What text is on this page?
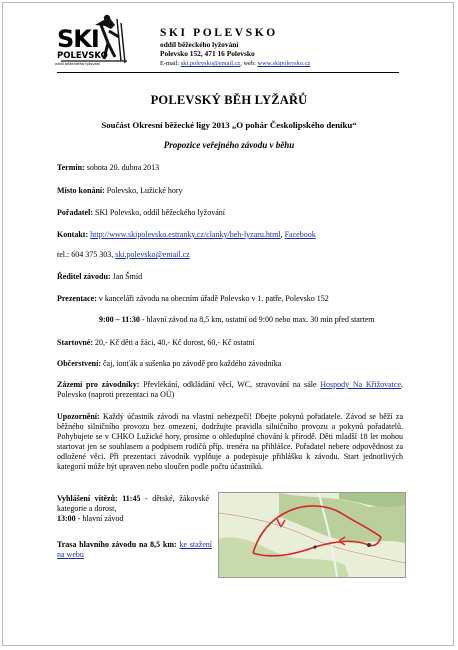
SKI
POLEVSKO
oddíl běžeckého lyžování
SKI POLEVSKO
oddíl běžeckého lyžování
Polevsko 152, 471 16 Polevsko
E-mail: ski.polevsko@email.cz, web: www.skipolevsko.cz
POLEVSKÝ BĚH LYŽAŘŮ
Součást Okresní běžecké ligy 2013 „O pohár Českolipského deníku“
Propozice veřejného závodu v běhu
Termín: sobota 20. dubna 2013
Místo konání: Polevsko, Lužické hory
Pořadatel: SKI Polevsko, oddíl běžeckého lyžování
Kontakt: http://www.skipolevsko.estranky.cz/clanky/beh-lyzaru.html, Facebook
tel.: 604 375 303, ski.polevsko@email.cz
Ředitel závodu: Jan Šmíd
Prezentace: v kanceláři závodu na obecním úřadě Polevsko v 1. patře, Polevsko 152
9:00 – 11:30 - hlavní závod na 8,5 km, ostatní od 9:00 nebo max. 30 min před startem
Startovné: 20,- Kč děti a žáci, 40,- Kč dorost, 60,- Kč ostatní
Občerstvení: čaj, ionťák a sušenka po závodě pro každého závodníka
Zázemí pro závodníky: Převlékání, odkládání věcí, WC, stravování na sále Hospody Na Křižovatce, Polevsko (naproti prezentaci na OÚ)
Upozornění: Každý účastník závodí na vlastní nebezpečí! Dbejte pokynů pořadatele. Závod se běží za běžného silničního provozu bez omezení, dodržujte pravidla silničního provozu a pokynů pořadatelů. Pohybujete se v CHKO Lužické hory, prosíme o ohleduplné chování k přírodě. Děti mladší 18 let mohou startovat jen se souhlasem a podpisem rodičů příp. trenéra na přihlášce. Pořadatel nebere odpovědnost za odložené věci. Při prezentaci závodník vyplňuje a podepisuje přihlášku k závodu. Start jednotlivých kategorií může být upraven nebo sloučen podle počtu účastníků.
Vyhlášení vítězů: 11:45 - dětské, žákovské kategorie a dorost,
13:00 - hlavní závod
Trasa hlavního závodu na 8,5 km: ke stažení na webu
